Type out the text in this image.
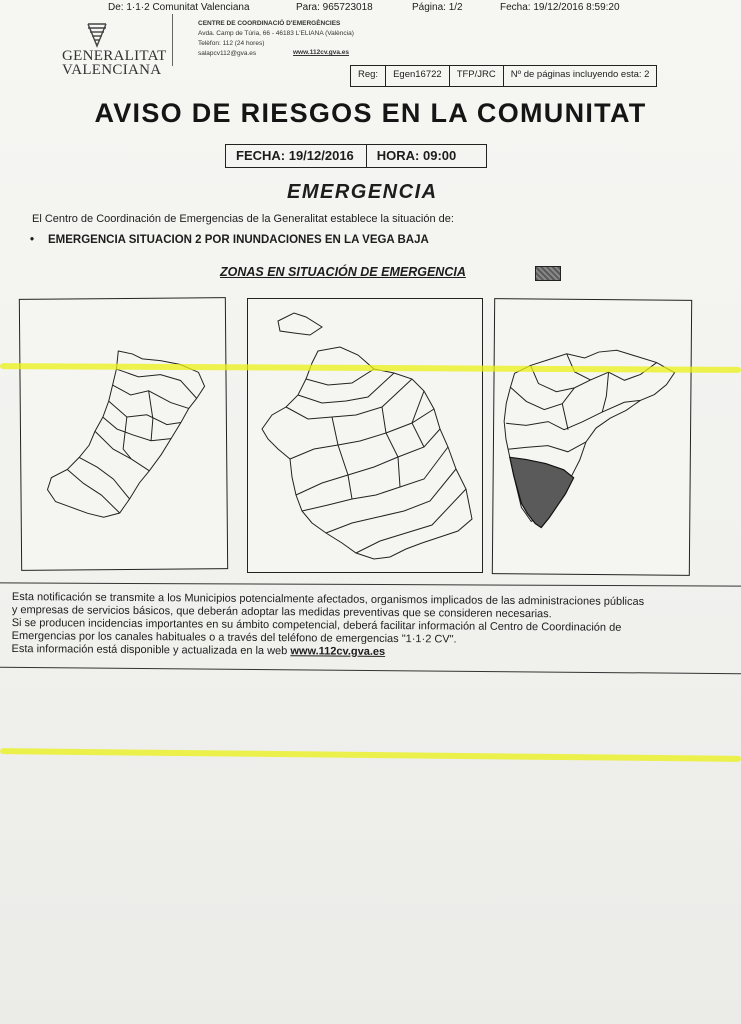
De: 1·1·2 Comunitat Valenciana	Para: 965723018	Página: 1/2	Fecha: 19/12/2016 8:59:20
GENERALITAT
VALENCIANA
CENTRE DE COORDINACIÓ D'EMERGÈNCIES
Avda. Camp de Túria, 66 - 46183 L'ELIANA (València)
Telèfon: 112 (24 hores)
salapcv112@gva.es	www.112cv.gva.es
Reg:	Egen16722	TFP/JRC	Nº de páginas incluyendo esta: 2
AVISO DE RIESGOS EN LA COMUNITAT
FECHA: 19/12/2016	HORA: 09:00
EMERGENCIA
El Centro de Coordinación de Emergencias de la Generalitat establece la situación de:
• EMERGENCIA SITUACION 2 POR INUNDACIONES EN LA VEGA BAJA
ZONAS EN SITUACIÓN DE EMERGENCIA

Esta notificación se transmite a los Municipios potencialmente afectados, organismos implicados de las administraciones públicas

y empresas de servicios básicos, que deberán adoptar las medidas preventivas que se consideren necesarias.

Si se producen incidencias importantes en su ámbito competencial, deberá facilitar información al Centro de Coordinación de

Emergencias por los canales habituales o a través del teléfono de emergencias "1·1·2 CV".

Esta información está disponible y actualizada en la web www.112cv.gva.es
